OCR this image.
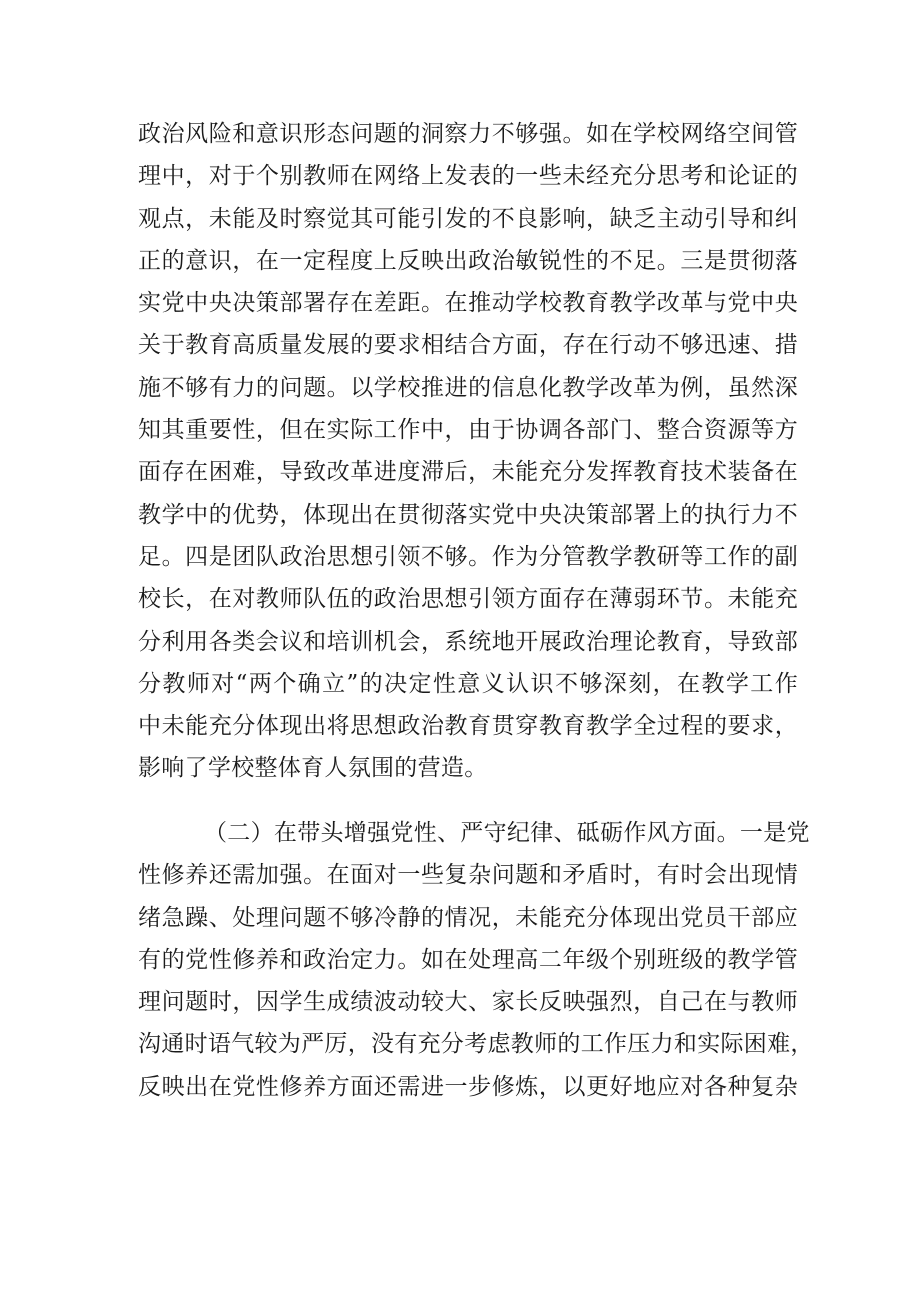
政治风险和意识形态问题的洞察力不够强。如在学校网络空间管
理中，对于个别教师在网络上发表的一些未经充分思考和论证的
观点，未能及时察觉其可能引发的不良影响，缺乏主动引导和纠
正的意识，在一定程度上反映出政治敏锐性的不足。三是贯彻落
实党中央决策部署存在差距。在推动学校教育教学改革与党中央
关于教育高质量发展的要求相结合方面，存在行动不够迅速、措
施不够有力的问题。以学校推进的信息化教学改革为例，虽然深
知其重要性，但在实际工作中，由于协调各部门、整合资源等方
面存在困难，导致改革进度滞后，未能充分发挥教育技术装备在
教学中的优势，体现出在贯彻落实党中央决策部署上的执行力不
足。四是团队政治思想引领不够。作为分管教学教研等工作的副
校长，在对教师队伍的政治思想引领方面存在薄弱环节。未能充
分利用各类会议和培训机会，系统地开展政治理论教育，导致部
分教师对“两个确立”的决定性意义认识不够深刻，在教学工作
中未能充分体现出将思想政治教育贯穿教育教学全过程的要求，
影响了学校整体育人氛围的营造。
（二）在带头增强党性、严守纪律、砥砺作风方面。一是党
性修养还需加强。在面对一些复杂问题和矛盾时，有时会出现情
绪急躁、处理问题不够冷静的情况，未能充分体现出党员干部应
有的党性修养和政治定力。如在处理高二年级个别班级的教学管
理问题时，因学生成绩波动较大、家长反映强烈，自己在与教师
沟通时语气较为严厉，没有充分考虑教师的工作压力和实际困难，
反映出在党性修养方面还需进一步修炼，以更好地应对各种复杂
